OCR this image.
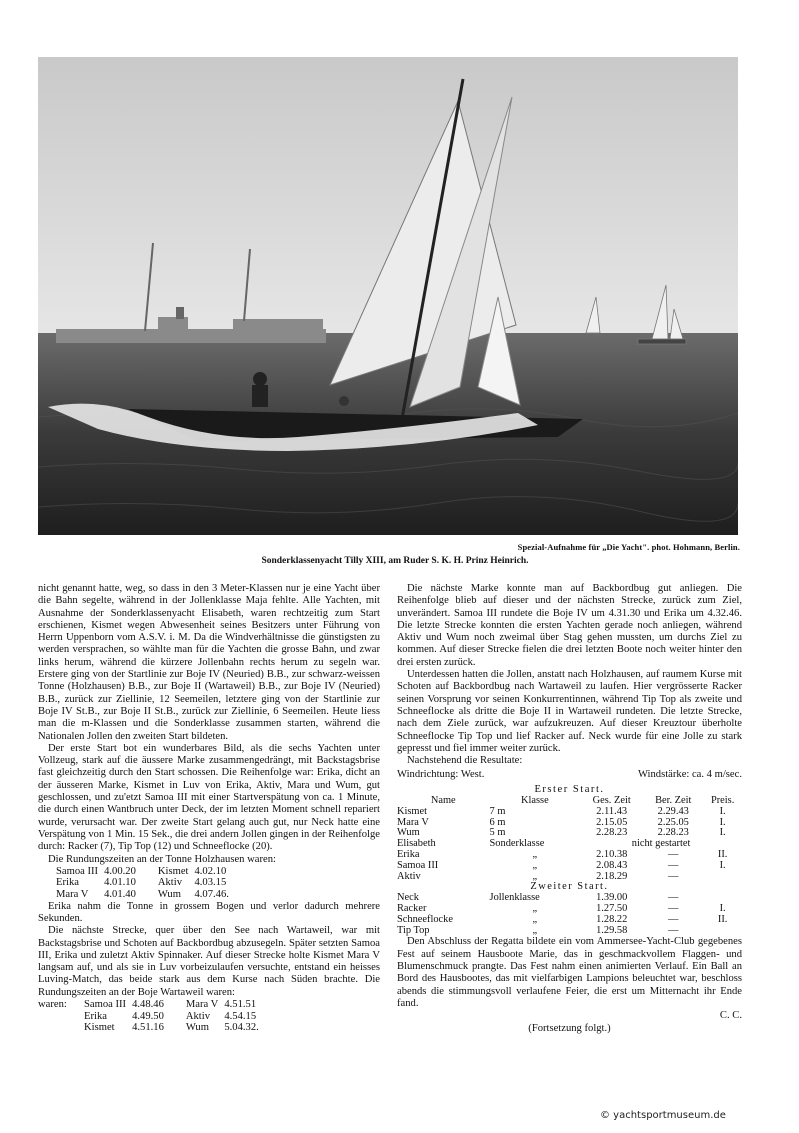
Spezial-Aufnahme für „Die Yacht". phot. Hohmann, Berlin.
Sonderklassenyacht Tilly XIII, am Ruder S. K. H. Prinz Heinrich.

nicht genannt hatte, weg, so dass in den 3 Meter-Klassen nur je eine Yacht über die Bahn segelte, während in der Jollenklasse Maja fehlte. Alle Yachten, mit Ausnahme der Sonderklassenyacht Elisabeth, waren rechtzeitig zum Start erschienen, Kismet wegen Abwesenheit seines Besitzers unter Führung von Herrn Uppenborn vom A.S.V. i. M. Da die Windverhältnisse die günstigsten zu werden versprachen, so wählte man für die Yachten die grosse Bahn, und zwar links herum, während die kürzere Jollenbahn rechts herum zu segeln war. Erstere ging von der Startlinie zur Boje IV (Neuried) B.B., zur schwarz-weissen Tonne (Holzhausen) B.B., zur Boje II (Wartaweil) B.B., zur Boje IV (Neuried) B.B., zurück zur Ziellinie, 12 Seemeilen, letztere ging von der Startlinie zur Boje IV St.B., zur Boje II St.B., zurück zur Ziellinie, 6 Seemeilen. Heute liess man die m-Klassen und die Sonderklasse zusammen starten, während die Nationalen Jollen den zweiten Start bildeten.

Der erste Start bot ein wunderbares Bild, als die sechs Yachten unter Vollzeug, stark auf die äussere Marke zusammengedrängt, mit Backstagsbrise fast gleichzeitig durch den Start schossen. Die Reihenfolge war: Erika, dicht an der äusseren Marke, Kismet in Luv von Erika, Aktiv, Mara und Wum, gut geschlossen, und zu'etzt Samoa III mit einer Startverspätung von ca. 1 Minute, die durch einen Wantbruch unter Deck, der im letzten Moment schnell repariert wurde, verursacht war. Der zweite Start gelang auch gut, nur Neck hatte eine Verspätung von 1 Min. 15 Sek., die drei andern Jollen gingen in der Reihenfolge durch: Racker (7), Tip Top (12) und Schneeflocke (20).

Die Rundungszeiten an der Tonne Holzhausen waren:

Samoa III	4.00.20	Kismet	4.02.10
Erika	4.01.10	Aktiv	4.03.15
Mara V	4.01.40	Wum	4.07.46.

Erika nahm die Tonne in grossem Bogen und verlor dadurch mehrere Sekunden.

Die nächste Strecke, quer über den See nach Wartaweil, war mit Backstagsbrise und Schoten auf Backbordbug abzusegeln. Später setzten Samoa III, Erika und zuletzt Aktiv Spinnaker. Auf dieser Strecke holte Kismet Mara V langsam auf, und als sie in Luv vorbeizulaufen versuchte, entstand ein heisses Luving-Match, das beide stark aus dem Kurse nach Süden brachte. Die Rundungszeiten an der Boje Wartaweil waren:

waren:	Samoa III	4.48.46	Mara V	4.51.51
	Erika	4.49.50	Aktiv	4.54.15
	Kismet	4.51.16	Wum	5.04.32.

Die nächste Marke konnte man auf Backbordbug gut anliegen. Die Reihenfolge blieb auf dieser und der nächsten Strecke, zurück zum Ziel, unverändert. Samoa III rundete die Boje IV um 4.31.30 und Erika um 4.32.46. Die letzte Strecke konnten die ersten Yachten gerade noch anliegen, während Aktiv und Wum noch zweimal über Stag gehen mussten, um durchs Ziel zu kommen. Auf dieser Strecke fielen die drei letzten Boote noch weiter hinter den drei ersten zurück.

Unterdessen hatten die Jollen, anstatt nach Holzhausen, auf raumem Kurse mit Schoten auf Backbordbug nach Wartaweil zu laufen. Hier vergrösserte Racker seinen Vorsprung vor seinen Konkurrentinnen, während Tip Top als zweite und Schneeflocke als dritte die Boje II in Wartaweil rundeten. Die letzte Strecke, nach dem Ziele zurück, war aufzukreuzen. Auf dieser Kreuztour überholte Schneeflocke Tip Top und lief Racker auf. Neck wurde für eine Jolle zu stark gepresst und fiel immer weiter zurück.

Nachstehend die Resultate:

Windrichtung: West.	Windstärke: ca. 4 m/sec.
Erster Start.
Name	Klasse	Ges. Zeit	Ber. Zeit	Preis.	
Kismet	7 m	2.11.43	2.29.43	I.	
Mara V	6 m	2.15.05	2.25.05	I.	
Wum	5 m	2.28.23	2.28.23	I.	
Elisabeth	Sonderklasse	nicht gestartet			
Erika	„	2.10.38	—	II.	
Samoa III	„	2.08.43	—	I.	
Aktiv	„	2.18.29	—		
Zweiter Start.					
Neck	Jollenklasse	1.39.00	—		
Racker	„	1.27.50	—	I.	
Schneeflocke	„	1.28.22	—	II.	
Tip Top	„	1.29.58	—		

Den Abschluss der Regatta bildete ein vom Ammersee-Yacht-Club gegebenes Fest auf seinem Hausboote Marie, das in geschmackvollem Flaggen- und Blumenschmuck prangte. Das Fest nahm einen animierten Verlauf. Ein Ball an Bord des Hausbootes, das mit vielfarbigen Lampions beleuchtet war, beschloss abends die stimmungsvoll verlaufene Feier, die erst um Mitternacht ihr Ende fand.

C. C.
(Fortsetzung folgt.)
© yachtsportmuseum.de
